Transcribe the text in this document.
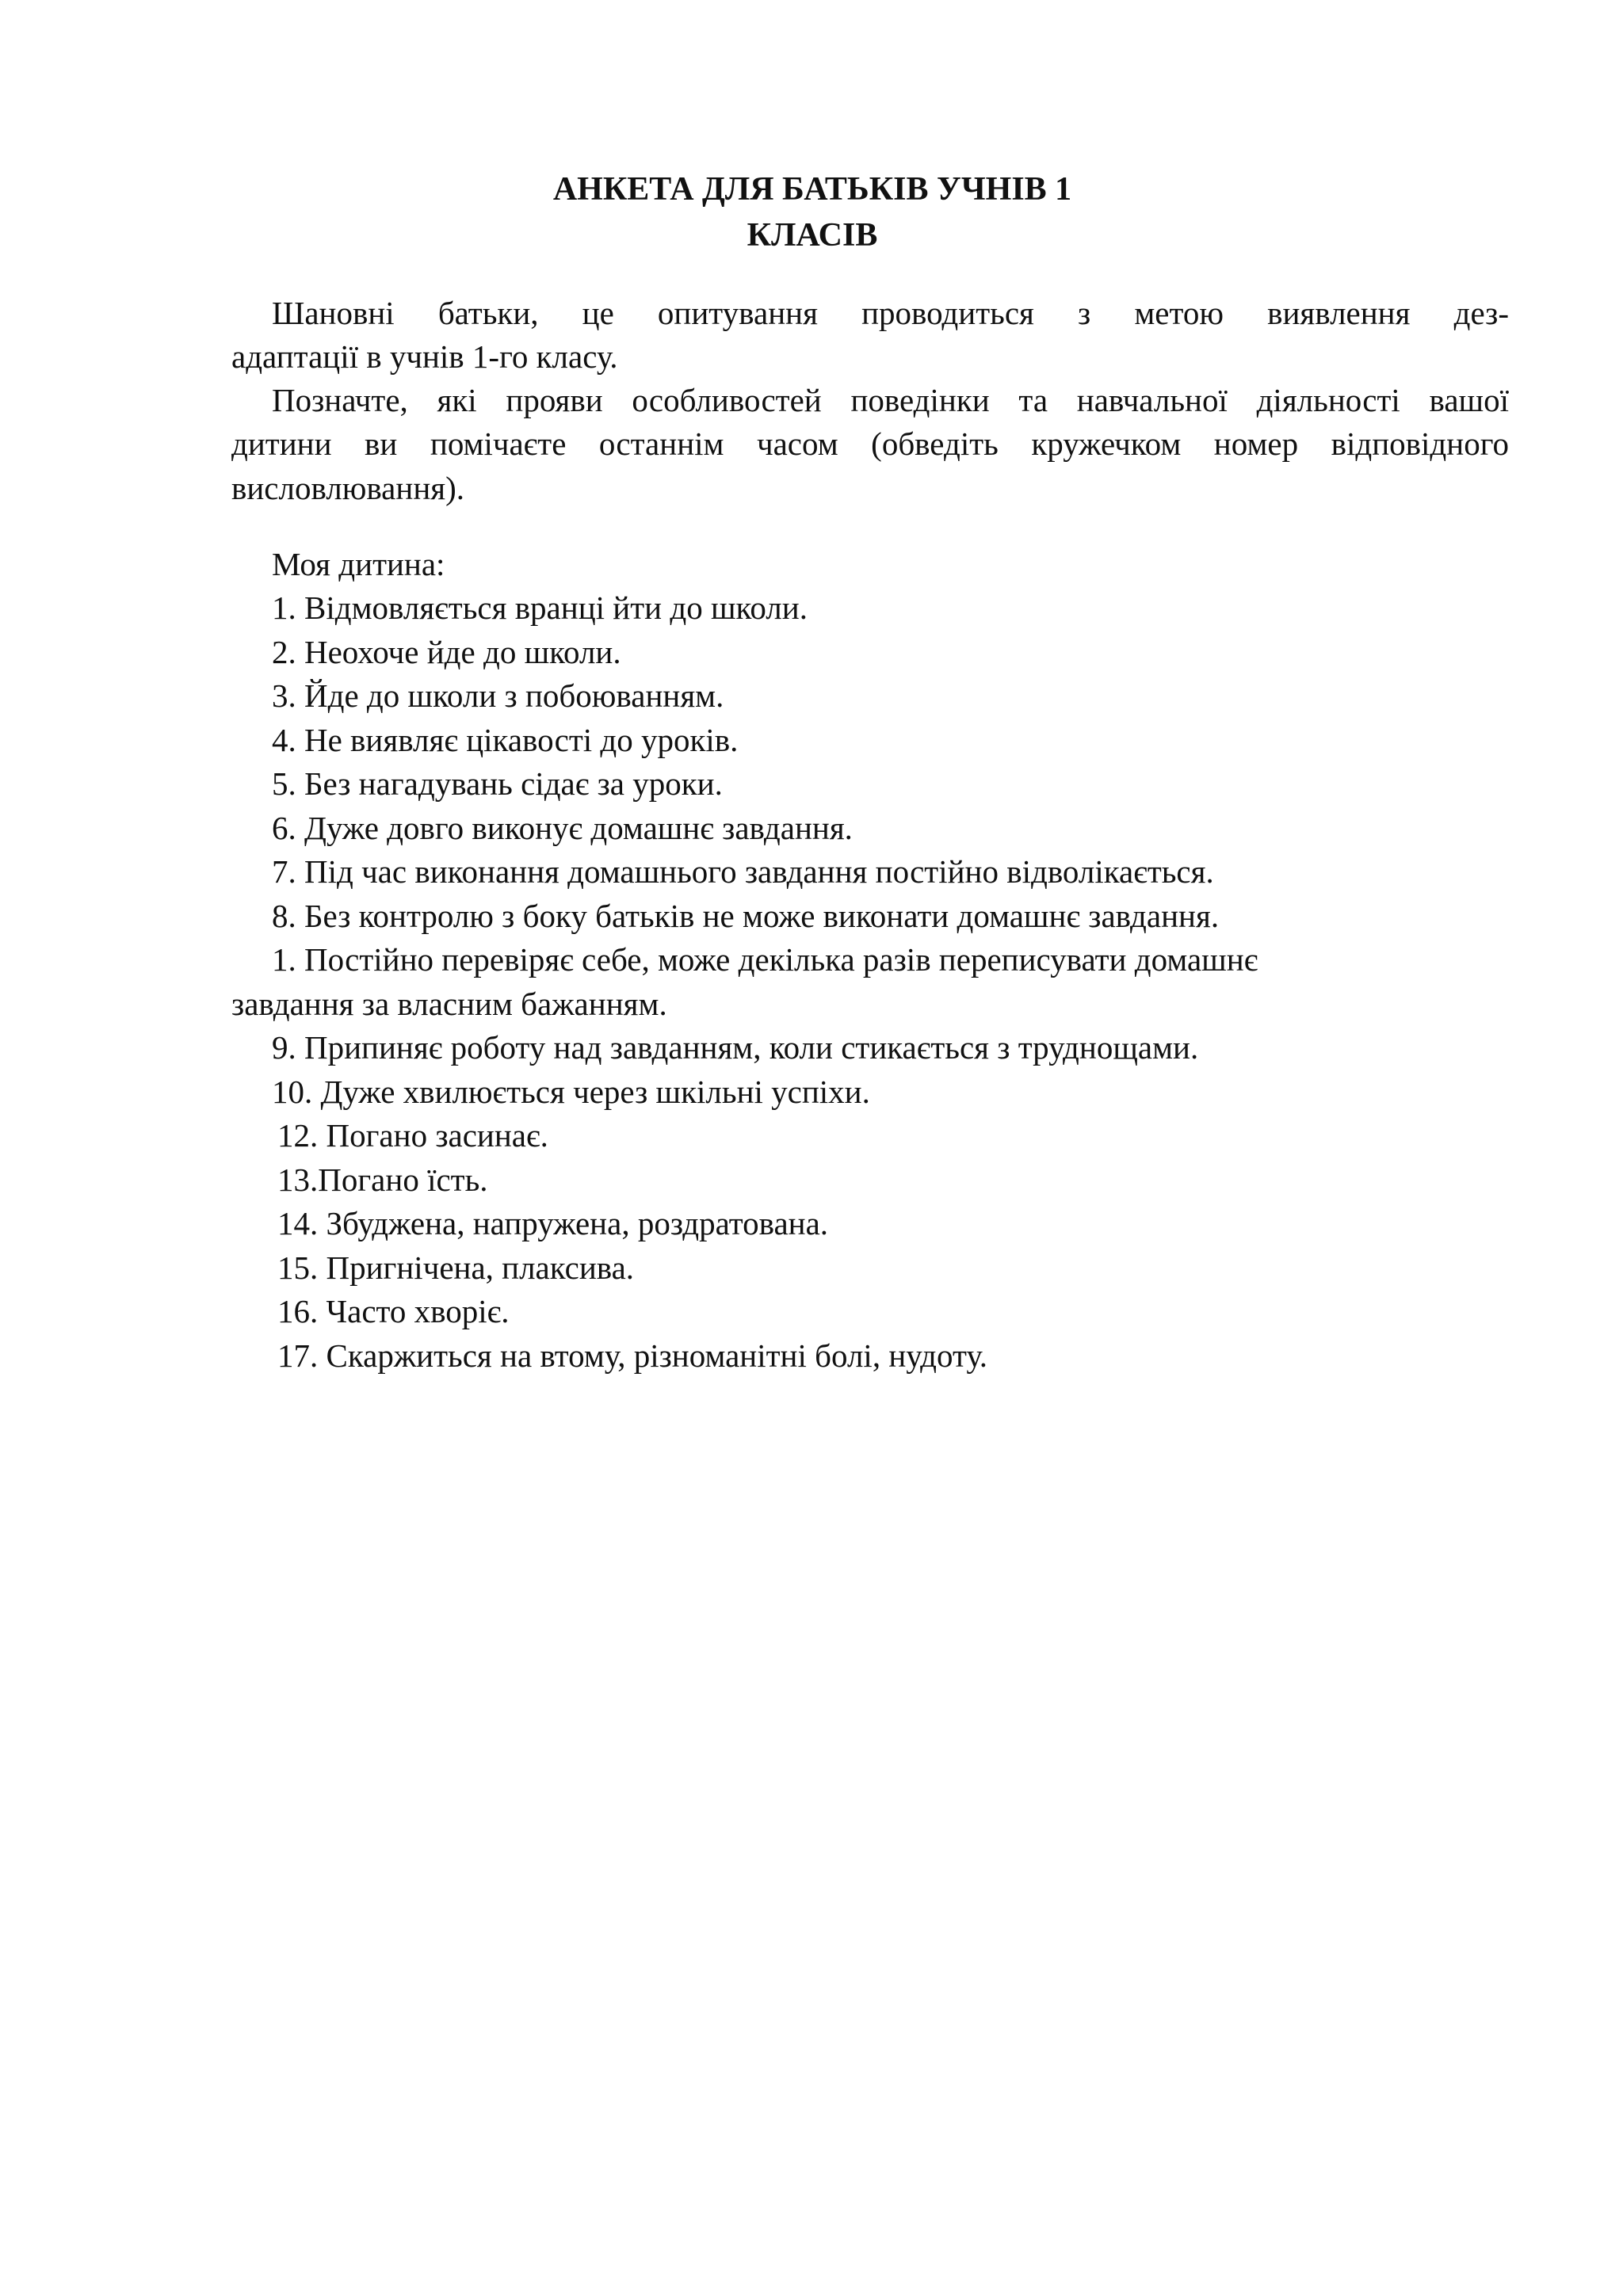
АНКЕТА ДЛЯ БАТЬКІВ УЧНІВ 1
КЛАСІВ
Шановні батьки, це опитування проводиться з метою виявлення дез-
адаптації в учнів 1-го класу.
Позначте, які прояви особливостей поведінки та навчальної діяльності вашої
дитини ви помічаєте останнім часом (обведіть кружечком номер відповідного
висловлювання).
Моя дитина:
1. Відмовляється вранці йти до школи.
2. Неохоче йде до школи.
3. Йде до школи з побоюванням.
4. Не виявляє цікавості до уроків.
5. Без нагадувань сідає за уроки.
6. Дуже довго виконує домашнє завдання.
7. Під час виконання домашнього завдання постійно відволікається.
8. Без контролю з боку батьків не може виконати домашнє завдання.
1. Постійно перевіряє себе, може декілька разів переписувати домашнє
завдання за власним бажанням.
9. Припиняє роботу над завданням, коли стикається з труднощами.
10. Дуже хвилюється через шкільні успіхи.
12. Погано засинає.
13.Погано їсть.
14. Збуджена, напружена, роздратована.
15. Пригнічена, плаксива.
16. Часто хворіє.
17. Скаржиться на втому, різноманітні болі, нудоту.
